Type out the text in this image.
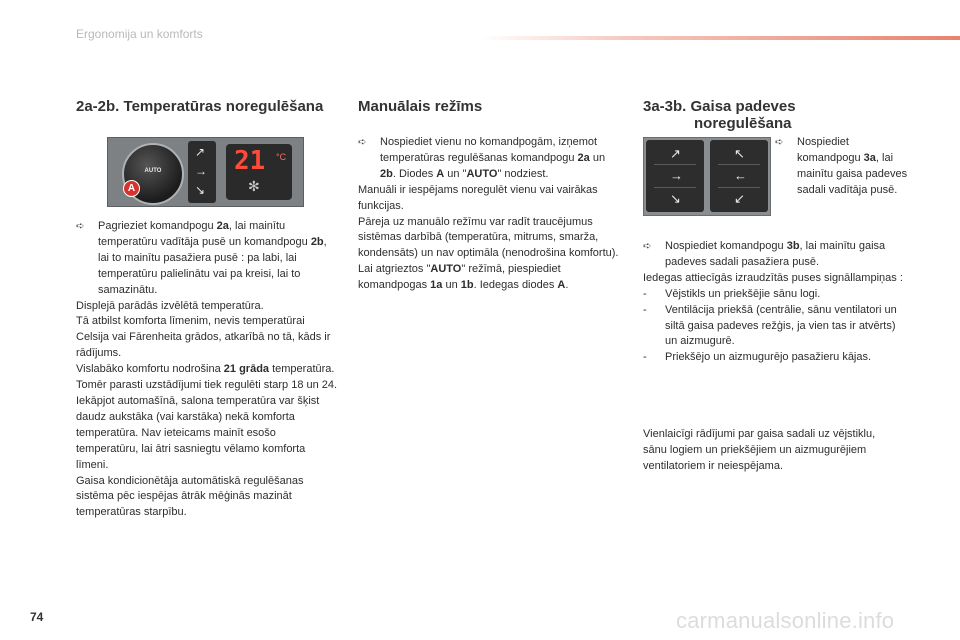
Ergonomija un komforts
2a-2b. Temperatūras noregulēšana
AUTO
A
↗
→
↘
21 °C
✻

➪ Pagrieziet komandpogu 2a, lai mainītu temperatūru vadītāja pusē un komandpogu 2b, lai to mainītu pasažiera pusē : pa labi, lai temperatūru palielinātu vai pa kreisi, lai to samazinātu.

Displejā parādās izvēlētā temperatūra.

Tā atbilst komforta līmenim, nevis temperatūrai Celsija vai Fārenheita grādos, atkarībā no tā, kāds ir rādījums.

Vislabāko komfortu nodrošina 21 grāda temperatūra. Tomēr parasti uzstādījumi tiek regulēti starp 18 un 24.

Iekāpjot automašīnā, salona temperatūra var šķist daudz aukstāka (vai karstāka) nekā komforta temperatūra. Nav ieteicams mainīt esošo temperatūru, lai ātri sasniegtu vēlamo komforta līmeni.

Gaisa kondicionētāja automātiskā regulēšanas sistēma pēc iespējas ātrāk mēģinās mazināt temperatūras starpību.

Manuālais režīms

➪ Nospiediet vienu no komandpogām, izņemot temperatūras regulēšanas komandpogu 2a un 2b. Diodes A un "AUTO" nodziest.

Manuāli ir iespējams noregulēt vienu vai vairākas funkcijas.

Pāreja uz manuālo režīmu var radīt traucējumus sistēmas darbībā (temperatūra, mitrums, smarža, kondensāts) un nav optimāla (nenodrošina komfortu).

Lai atgrieztos "AUTO" režīmā, piespiediet komandpogas 1a un 1b. Iedegas diodes A.

3a-3b. Gaisa padeves
noregulēšana
↗
→
↘
↖
←
↙

➪ Nospiediet komandpogu 3a, lai mainītu gaisa padeves sadali vadītāja pusē.

➪ Nospiediet komandpogu 3b, lai mainītu gaisa padeves sadali pasažiera pusē.

Iedegas attiecīgās izraudzītās puses signāllampiņas :

- Vējstikls un priekšējie sānu logi.

- Ventilācija priekšā (centrālie, sānu ventilatori un siltā gaisa padeves režģis, ja vien tas ir atvērts) un aizmugurē.

- Priekšējo un aizmugurējo pasažieru kājas.

Vienlaicīgi rādījumi par gaisa sadali uz vējstiklu, sānu logiem un priekšējiem un aizmugurējiem ventilatoriem ir neiespējama.

74	carmanualsonline.info
